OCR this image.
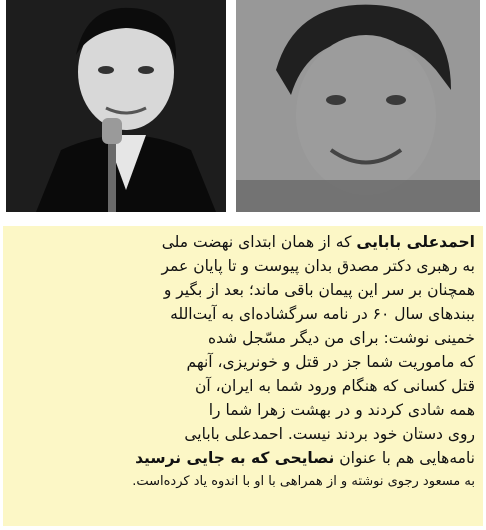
احمدعلی بابایی که از همان ابتدای نهضت ملی
به رهبری دکتر مصدق بدان پیوست و تا پایان عمر
همچنان بر سر این پیمان باقی ماند؛ بعد از بگیر و
ببندهای سال ۶۰ در نامه سرگشاده‌ای به آیت‌الله
خمینی نوشت: برای من دیگر مسّجل شده
که ماموریت شما جز در قتل و خونریزی، آنهم
قتل کسانی که هنگام ورود شما به ایران، آن
همه شادی کردند و در بهشت زهرا شما را
روی دستان خود بردند نیست. احمدعلی بابایی
نامه‌هایی هم با عنوان نصایحی که به جایی نرسید
به مسعود رجوی نوشته و از همراهی با او با اندوه یاد کرده‌است.
